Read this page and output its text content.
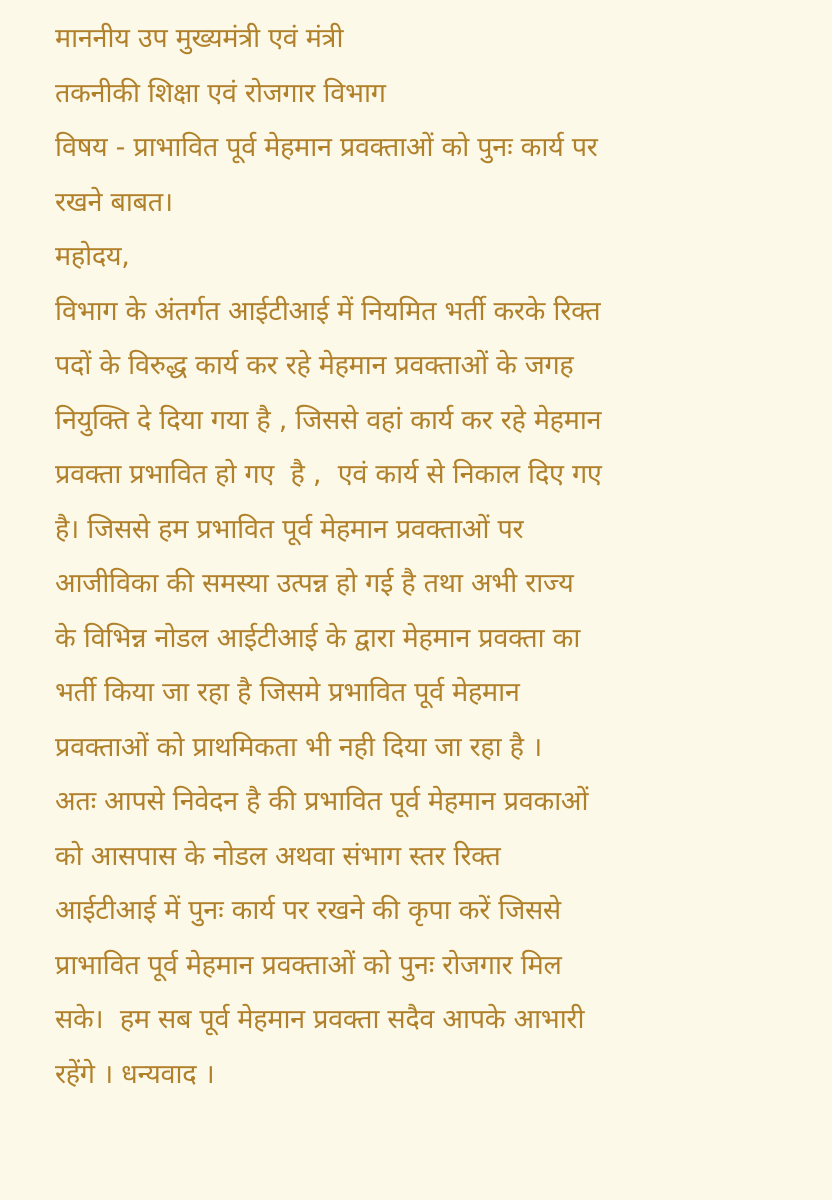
माननीय उप मुख्यमंत्री एवं मंत्री
तकनीकी शिक्षा एवं रोजगार विभाग
विषय - प्राभावित पूर्व मेहमान प्रवक्ताओं को पुनः कार्य पर
रखने बाबत।
महोदय,
विभाग के अंतर्गत आईटीआई में नियमित भर्ती करके रिक्त
पदों के विरुद्ध कार्य कर रहे मेहमान प्रवक्ताओं के जगह
नियुक्ति दे दिया गया है , जिससे वहां कार्य कर रहे मेहमान
प्रवक्ता प्रभावित हो गए  है ,  एवं कार्य से निकाल दिए गए
है। जिससे हम प्रभावित पूर्व मेहमान प्रवक्ताओं पर
आजीविका की समस्या उत्पन्न हो गई है तथा अभी राज्य
के विभिन्न नोडल आईटीआई के द्वारा मेहमान प्रवक्ता का
भर्ती किया जा रहा है जिसमे प्रभावित पूर्व मेहमान
प्रवक्ताओं को प्राथमिकता भी नही दिया जा रहा है ।
अतः आपसे निवेदन है की प्रभावित पूर्व मेहमान प्रवकाओं
को आसपास के नोडल अथवा संभाग स्तर रिक्त
आईटीआई में पुनः कार्य पर रखने की कृपा करें जिससे
प्राभावित पूर्व मेहमान प्रवक्ताओं को पुनः रोजगार मिल
सके।  हम सब पूर्व मेहमान प्रवक्ता सदैव आपके आभारी
रहेंगे । धन्यवाद ।
